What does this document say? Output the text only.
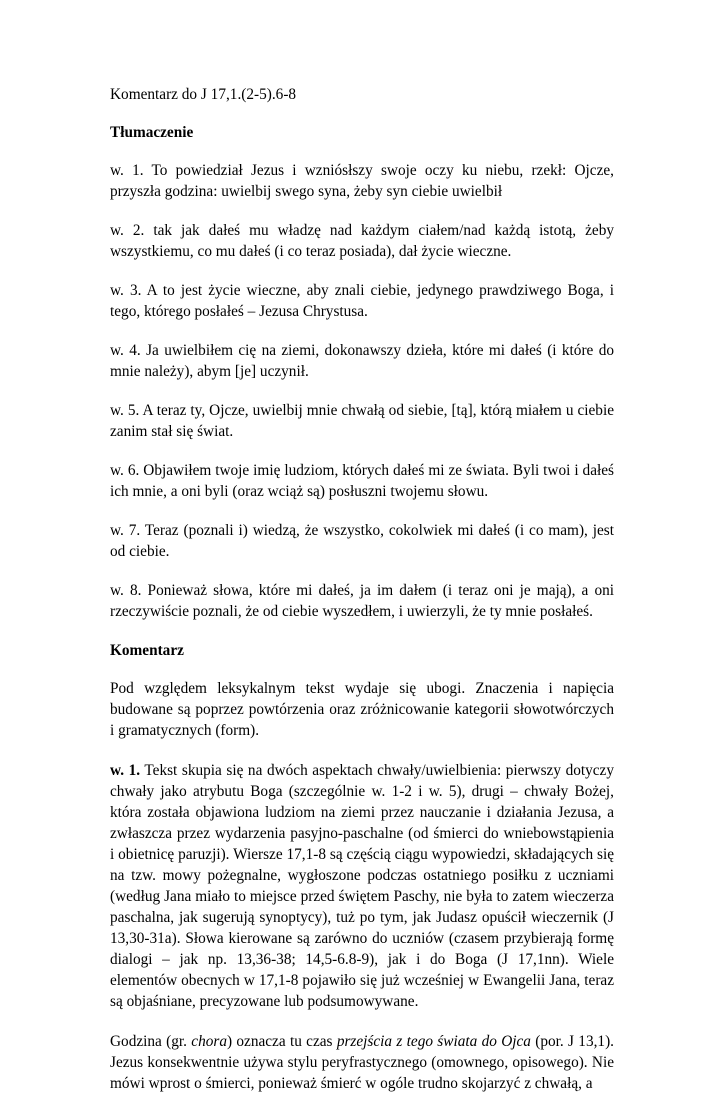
Komentarz do J 17,1.(2-5).6-8

Tłumaczenie

w. 1. To powiedział Jezus i wzniósłszy swoje oczy ku niebu, rzekł: Ojcze, przyszła godzina: uwielbij swego syna, żeby syn ciebie uwielbił

w. 2. tak jak dałeś mu władzę nad każdym ciałem/nad każdą istotą, żeby wszystkiemu, co mu dałeś (i co teraz posiada), dał życie wieczne.

w. 3. A to jest życie wieczne, aby znali ciebie, jedynego prawdziwego Boga, i tego, którego posłałeś – Jezusa Chrystusa.

w. 4. Ja uwielbiłem cię na ziemi, dokonawszy dzieła, które mi dałeś (i które do mnie należy), abym [je] uczynił.

w. 5. A teraz ty, Ojcze, uwielbij mnie chwałą od siebie, [tą], którą miałem u ciebie zanim stał się świat.

w. 6. Objawiłem twoje imię ludziom, których dałeś mi ze świata. Byli twoi i dałeś ich mnie, a oni byli (oraz wciąż są) posłuszni twojemu słowu.

w. 7. Teraz (poznali i) wiedzą, że wszystko, cokolwiek mi dałeś (i co mam), jest od ciebie.

w. 8. Ponieważ słowa, które mi dałeś, ja im dałem (i teraz oni je mają), a oni rzeczywiście poznali, że od ciebie wyszedłem, i uwierzyli, że ty mnie posłałeś.

Komentarz

Pod względem leksykalnym tekst wydaje się ubogi. Znaczenia i napięcia budowane są poprzez powtórzenia oraz zróżnicowanie kategorii słowotwórczych i gramatycznych (form).

w. 1. Tekst skupia się na dwóch aspektach chwały/uwielbienia: pierwszy dotyczy chwały jako atrybutu Boga (szczególnie w. 1-2 i w. 5), drugi – chwały Bożej, która została objawiona ludziom na ziemi przez nauczanie i działania Jezusa, a zwłaszcza przez wydarzenia pasyjno-paschalne (od śmierci do wniebowstąpienia i obietnicę paruzji). Wiersze 17,1-8 są częścią ciągu wypowiedzi, składających się na tzw. mowy pożegnalne, wygłoszone podczas ostatniego posiłku z uczniami (według Jana miało to miejsce przed świętem Paschy, nie była to zatem wieczerza paschalna, jak sugerują synoptycy), tuż po tym, jak Judasz opuścił wieczernik (J 13,30-31a). Słowa kierowane są zarówno do uczniów (czasem przybierają formę dialogi – jak np. 13,36-38; 14,5-6.8-9), jak i do Boga (J 17,1nn). Wiele elementów obecnych w 17,1-8 pojawiło się już wcześniej w Ewangelii Jana, teraz są objaśniane, precyzowane lub podsumowywane.

Godzina (gr. chora) oznacza tu czas przejścia z tego świata do Ojca (por. J 13,1). Jezus konsekwentnie używa stylu peryfrastycznego (omownego, opisowego). Nie mówi wprost o śmierci, ponieważ śmierć w ogóle trudno skojarzyć z chwałą, a
